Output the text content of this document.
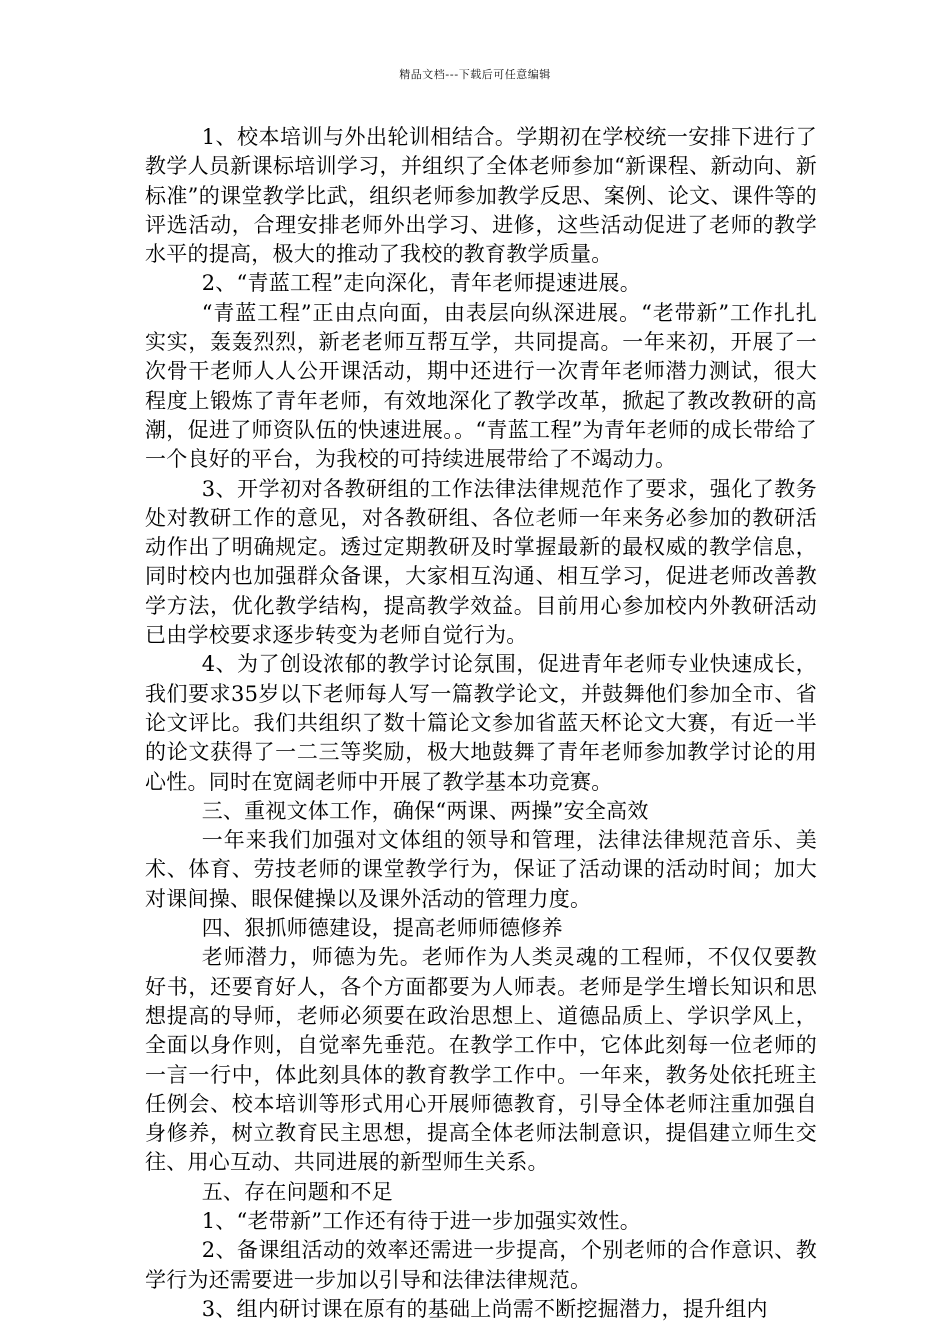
精品文档---下载后可任意编辑

1、校本培训与外出轮训相结合。学期初在学校统一安排下进行了教学人员新课标培训学习，并组织了全体老师参加“新课程、新动向、新标准”的课堂教学比武，组织老师参加教学反思、案例、论文、课件等的评选活动，合理安排老师外出学习、进修，这些活动促进了老师的教学水平的提高，极大的推动了我校的教育教学质量。

2、“青蓝工程”走向深化，青年老师提速进展。

“青蓝工程”正由点向面，由表层向纵深进展。“老带新”工作扎扎实实，轰轰烈烈，新老老师互帮互学，共同提高。一年来初，开展了一次骨干老师人人公开课活动，期中还进行一次青年老师潜力测试，很大程度上锻炼了青年老师，有效地深化了教学改革，掀起了教改教研的高潮，促进了师资队伍的快速进展。。“青蓝工程”为青年老师的成长带给了一个良好的平台，为我校的可持续进展带给了不竭动力。

3、开学初对各教研组的工作法律法律规范作了要求，强化了教务处对教研工作的意见，对各教研组、各位老师一年来务必参加的教研活动作出了明确规定。透过定期教研及时掌握最新的最权威的教学信息，同时校内也加强群众备课，大家相互沟通、相互学习，促进老师改善教学方法，优化教学结构，提高教学效益。目前用心参加校内外教研活动已由学校要求逐步转变为老师自觉行为。

4、为了创设浓郁的教学讨论氛围，促进青年老师专业快速成长，我们要求35岁以下老师每人写一篇教学论文，并鼓舞他们参加全市、省论文评比。我们共组织了数十篇论文参加省蓝天杯论文大赛，有近一半的论文获得了一二三等奖励，极大地鼓舞了青年老师参加教学讨论的用心性。同时在宽阔老师中开展了教学基本功竞赛。

三、重视文体工作，确保“两课、两操”安全高效

一年来我们加强对文体组的领导和管理，法律法律规范音乐、美术、体育、劳技老师的课堂教学行为，保证了活动课的活动时间；加大对课间操、眼保健操以及课外活动的管理力度。

四、狠抓师德建设，提高老师师德修养

老师潜力，师德为先。老师作为人类灵魂的工程师，不仅仅要教好书，还要育好人，各个方面都要为人师表。老师是学生增长知识和思想提高的导师，老师必须要在政治思想上、道德品质上、学识学风上，全面以身作则，自觉率先垂范。在教学工作中，它体此刻每一位老师的一言一行中，体此刻具体的教育教学工作中。一年来，教务处依托班主任例会、校本培训等形式用心开展师德教育，引导全体老师注重加强自身修养，树立教育民主思想，提高全体老师法制意识，提倡建立师生交往、用心互动、共同进展的新型师生关系。

五、存在问题和不足

1、“老带新”工作还有待于进一步加强实效性。

2、备课组活动的效率还需进一步提高，个别老师的合作意识、教学行为还需要进一步加以引导和法律法律规范。

3、组内研讨课在原有的基础上尚需不断挖掘潜力，提升组内
